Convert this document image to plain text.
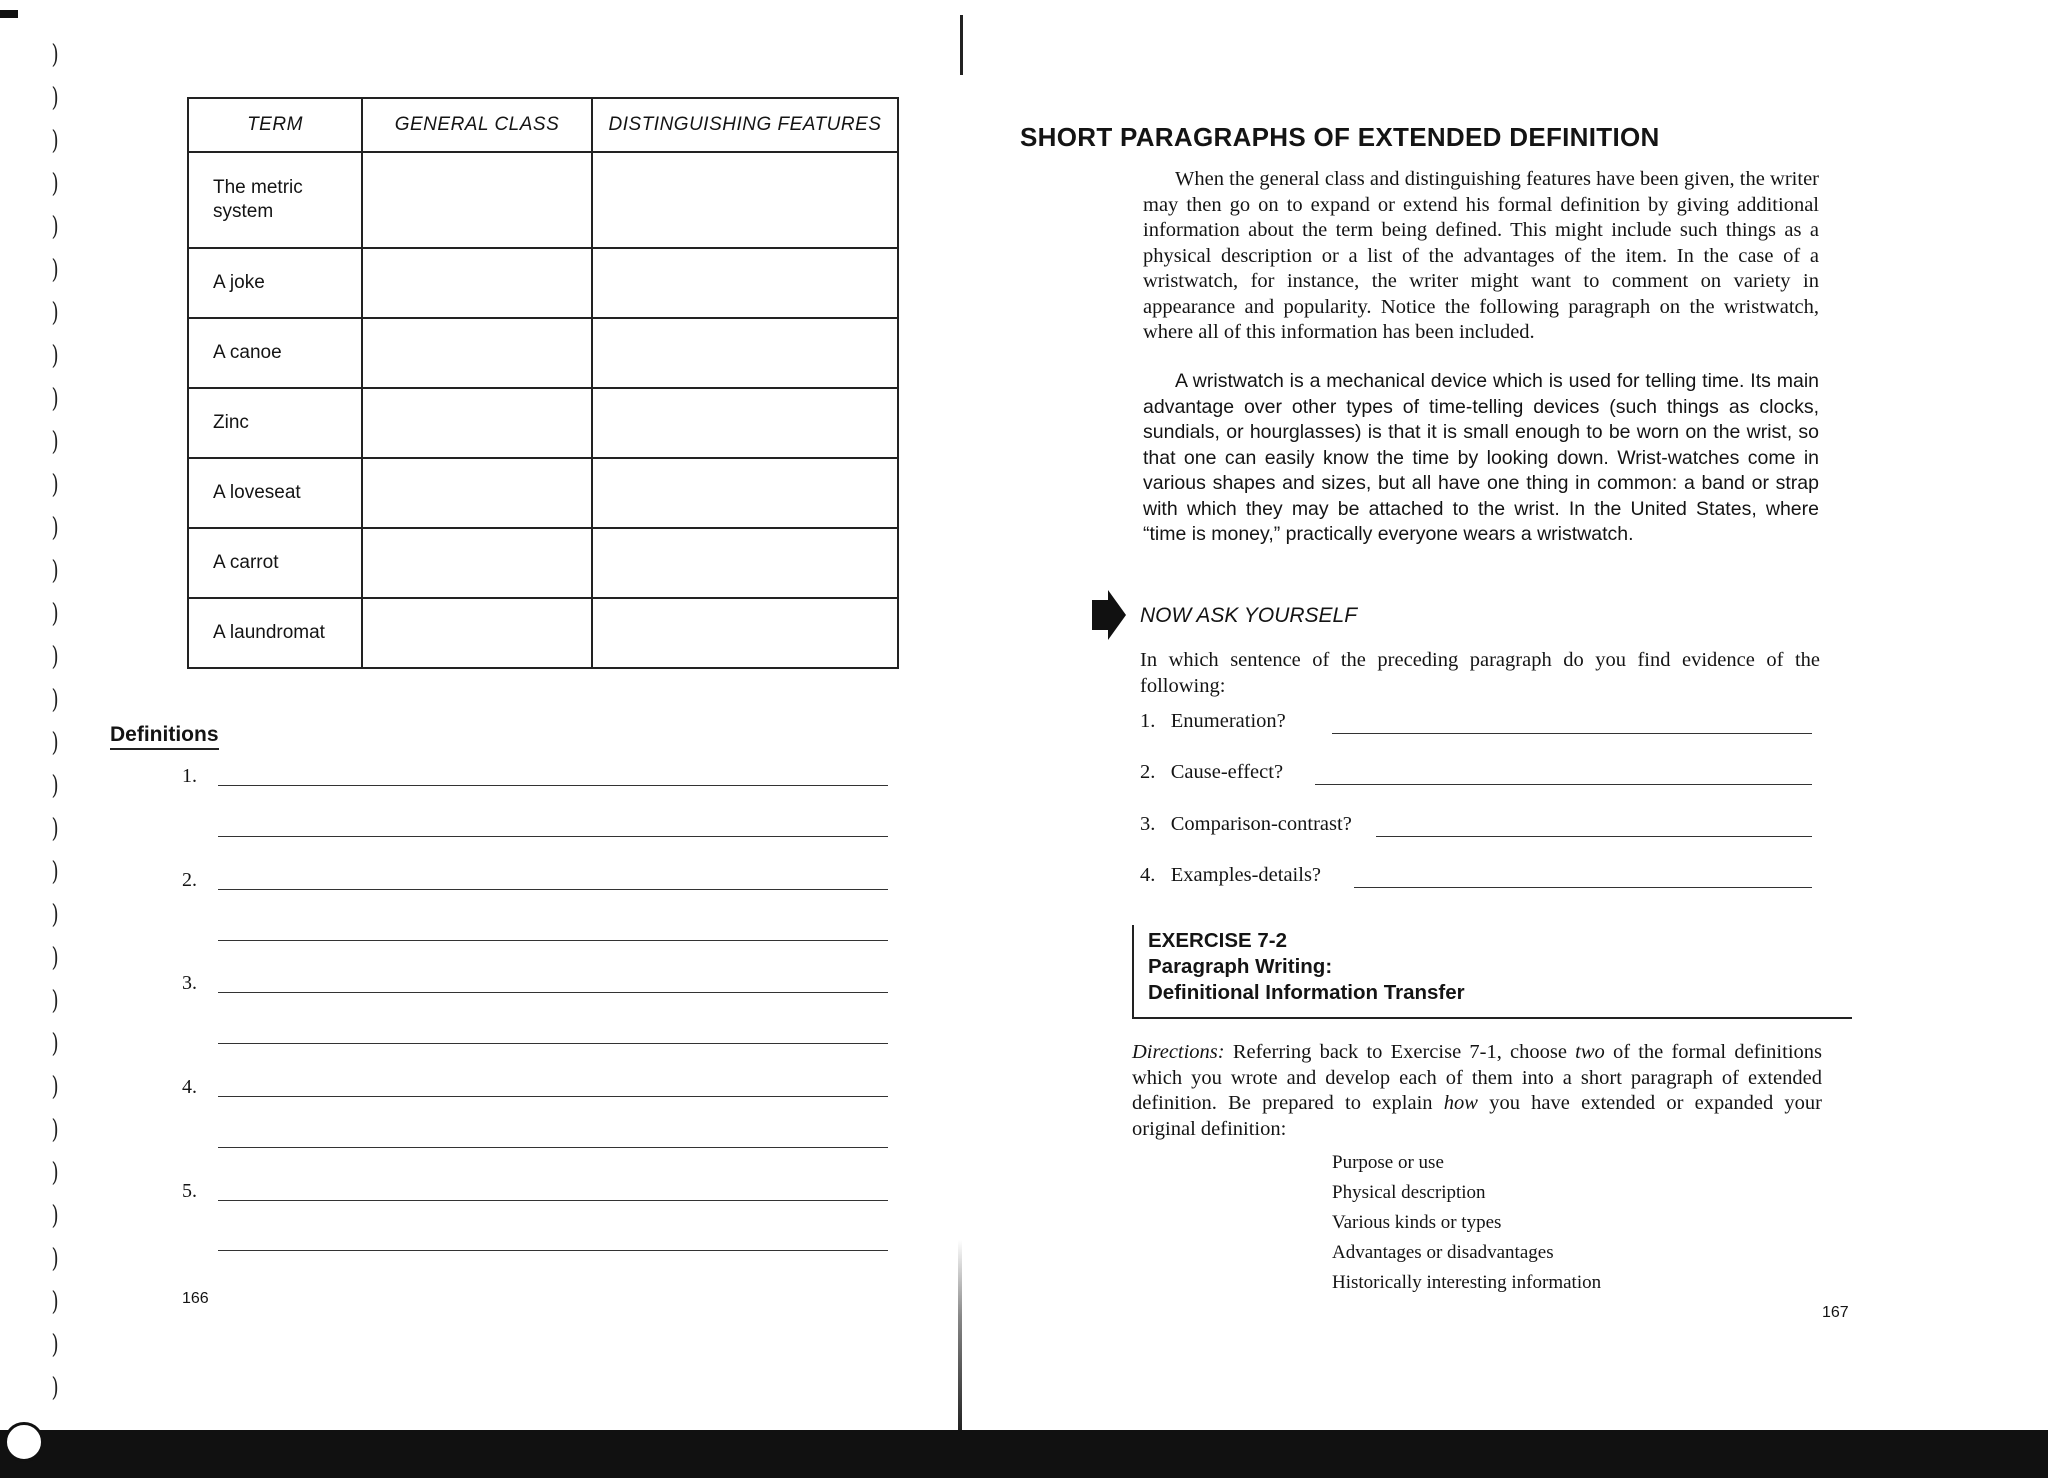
)
)
)
)
)
)
)
)
)
)
)
)
)
)
)
)
)
)
)
)
)
)
)
)
)
)
)
)
)
)
)
)
TERM	GENERAL CLASS	DISTINGUISHING FEATURES
The metric system		
A joke		
A canoe		
Zinc		
A loveseat		
A carrot		
A laundromat		
Definitions
1.
2.
3.
4.
5.
166
SHORT PARAGRAPHS OF EXTENDED DEFINITION
When the general class and distinguishing features have been given, the writer may then go on to expand or extend his formal definition by giving additional information about the term being defined. This might include such things as a physical description or a list of the advantages of the item. In the case of a wristwatch, for instance, the writer might want to comment on variety in appearance and popularity. Notice the following paragraph on the wristwatch, where all of this information has been included.
A wristwatch is a mechanical device which is used for telling time. Its main advantage over other types of time-telling devices (such things as clocks, sundials, or hourglasses) is that it is small enough to be worn on the wrist, so that one can easily know the time by looking down. Wrist-watches come in various shapes and sizes, but all have one thing in common: a band or strap with which they may be attached to the wrist. In the United States, where “time is money,” practically everyone wears a wristwatch.
NOW ASK YOURSELF
In which sentence of the preceding paragraph do you find evidence of the following:
1. Enumeration?
2. Cause-effect?
3. Comparison-contrast?
4. Examples-details?
EXERCISE 7-2
Paragraph Writing:
Definitional Information Transfer
Directions: Referring back to Exercise 7-1, choose two of the formal definitions which you wrote and develop each of them into a short paragraph of extended definition. Be prepared to explain how you have extended or expanded your original definition:
Purpose or use
Physical description
Various kinds or types
Advantages or disadvantages
Historically interesting information
167
